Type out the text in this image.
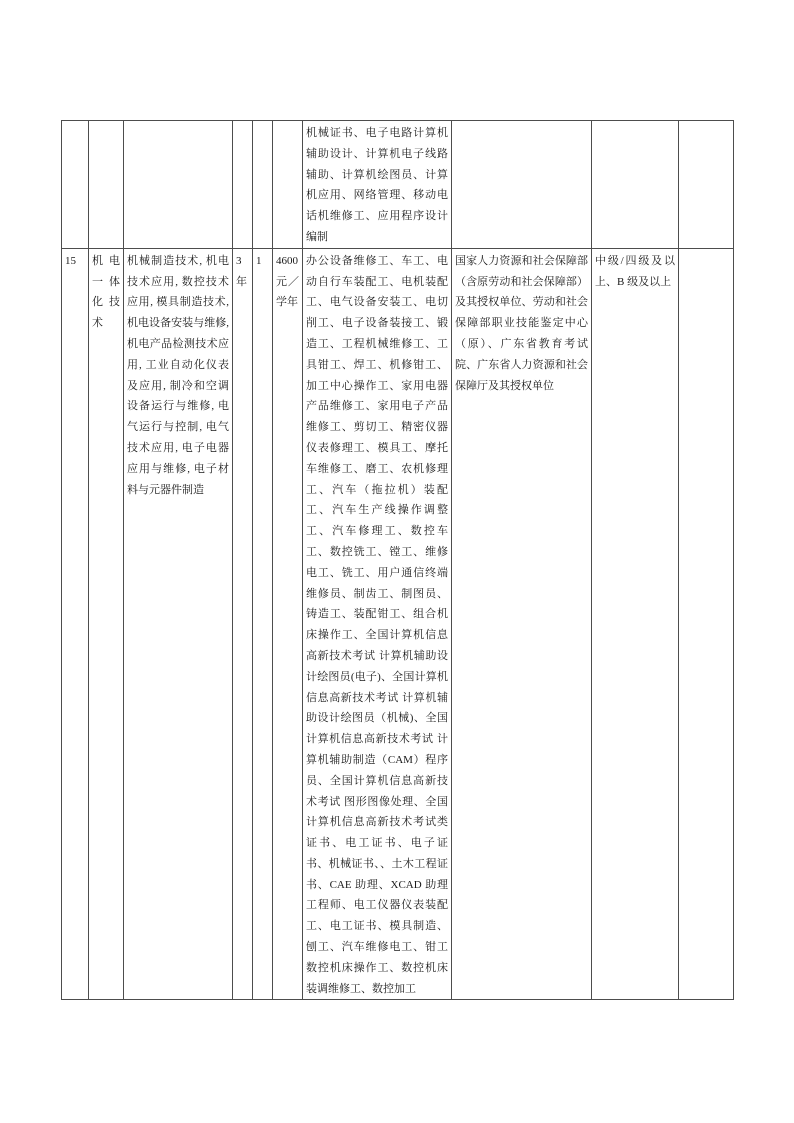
						机械证书、电子电路计算机辅助设计、计算机电子线路辅助、计算机绘图员、计算机应用、网络管理、移动电话机维修工、应用程序设计编制			
15	机电一体化技术	机械制造技术, 机电技术应用, 数控技术应用, 模具制造技术, 机电设备安装与维修, 机电产品检测技术应用, 工业自动化仪表及应用, 制冷和空调设备运行与维修, 电气运行与控制, 电气技术应用, 电子电器应用与维修, 电子材料与元器件制造	3年	1	4600 元／学年	办公设备维修工、车工、电动自行车装配工、电机装配工、电气设备安装工、电切削工、电子设备装接工、锻造工、工程机械维修工、工具钳工、焊工、机修钳工、加工中心操作工、家用电器产品维修工、家用电子产品维修工、剪切工、精密仪器仪表修理工、模具工、摩托车维修工、磨工、农机修理工、汽车（拖拉机）装配工、汽车生产线操作调整工、汽车修理工、数控车工、数控铣工、镗工、维修电工、铣工、用户通信终端维修员、制齿工、制图员、铸造工、装配钳工、组合机床操作工、全国计算机信息高新技术考试 计算机辅助设计绘图员(电子)、全国计算机信息高新技术考试 计算机辅助设计绘图员（机械)、全国计算机信息高新技术考试 计算机辅助制造（CAM）程序员、全国计算机信息高新技术考试 图形图像处理、全国计算机信息高新技术考试类证书、电工证书、电子证书、机械证书、、土木工程证书、CAE 助理、XCAD 助理工程师、电工仪器仪表装配工、电工证书、模具制造、刨工、汽车维修电工、钳工数控机床操作工、数控机床装调维修工、数控加工	国家人力资源和社会保障部（含原劳动和社会保障部）及其授权单位、劳动和社会保障部职业技能鉴定中心（原）、广东省教育考试院、广东省人力资源和社会保障厅及其授权单位	中级/四级及以上、B 级及以上	
